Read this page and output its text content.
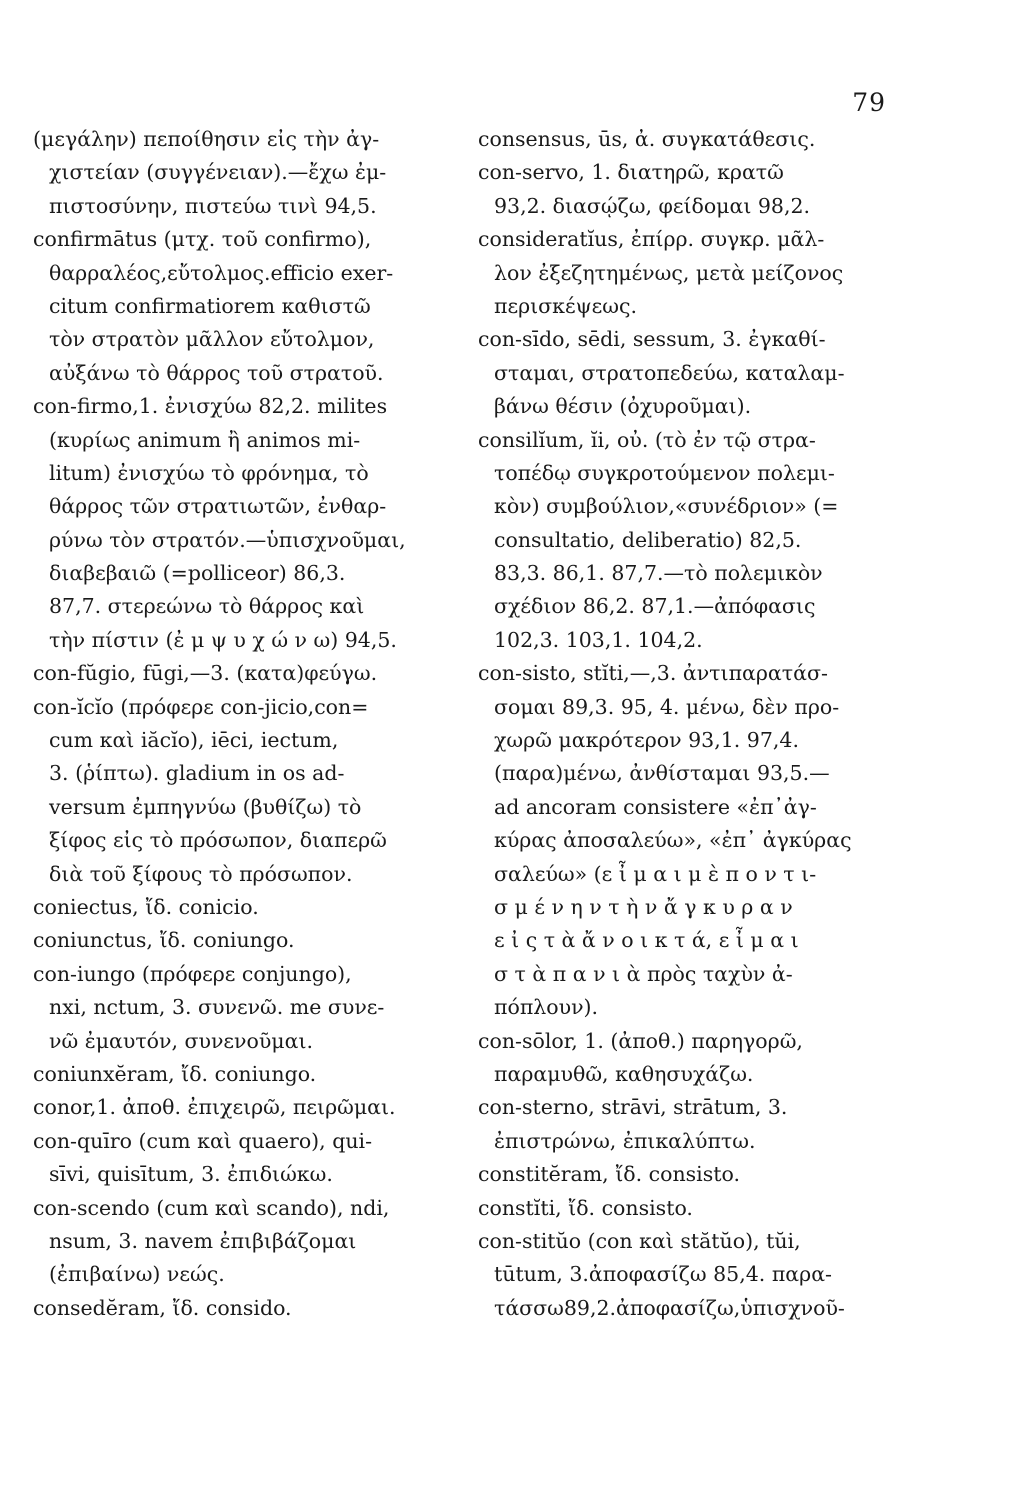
79
(μεγάλην) πεποίθησιν εἰς τὴν ἀγ-
χιστείαν (συγγένειαν).—ἔχω ἐμ-
πιστοσύνην, πιστεύω τινὶ 94,5.
confirmātus (μτχ. τοῦ confirmo),
θαρραλέος,εὔτολμος.efficio exer-
citum confirmatiorem καθιστῶ
τὸν στρατὸν μᾶλλον εὔτολμον,
αὐξάνω τὸ θάρρος τοῦ στρατοῦ.
con-firmo,1. ἐνισχύω 82,2. milites
(κυρίως animum ἢ animos mi-
litum) ἐνισχύω τὸ φρόνημα, τὸ
θάρρος τῶν στρατιωτῶν, ἐνθαρ-
ρύνω τὸν στρατόν.—ὑπισχνοῦμαι,
διαβεβαιῶ (=polliceor) 86,3.
87,7. στερεώνω τὸ θάρρος καὶ
τὴν πίστιν (ἐ μ ψ υ χ ώ ν ω) 94,5.
con-fŭgio, fūgi,—3. (κατα)φεύγω.
con-ĭcĭo (πρόφερε con-jicio,con=
cum καὶ iăcĭo), iēci, iectum,
3. (ῥίπτω). gladium in os ad-
versum ἐμπηγνύω (βυθίζω) τὸ
ξίφος εἰς τὸ πρόσωπον, διαπερῶ
διὰ τοῦ ξίφους τὸ πρόσωπον.
coniectus, ἴδ. conicio.
coniunctus, ἴδ. coniungo.
con-iungo (πρόφερε conjungo),
nxi, nctum, 3. συνενῶ. me συνε-
νῶ ἐμαυτόν, συνενοῦμαι.
coniunxĕram, ἴδ. coniungo.
conor,1. ἀποθ. ἐπιχειρῶ, πειρῶμαι.
con-quīro (cum καὶ quaero), qui-
sīvi, quisītum, 3. ἐπιδιώκω.
con-scendo (cum καὶ scando), ndi,
nsum, 3. navem ἐπιβιβάζομαι
(ἐπιβαίνω) νεώς.
consedĕram, ἴδ. consido.
consensus, ūs, ἀ. συγκατάθεσις.
con-servo, 1. διατηρῶ, κρατῶ
93,2. διασῴζω, φείδομαι 98,2.
consideratĭus, ἐπίρρ. συγκρ. μᾶλ-
λον ἐξεζητημένως, μετὰ μείζονος
περισκέψεως.
con-sīdo, sēdi, sessum, 3. ἐγκαθί-
σταμαι, στρατοπεδεύω, καταλαμ-
βάνω θέσιν (ὀχυροῦμαι).
consilĭum, ĭi, οὐ. (τὸ ἐν τῷ στρα-
τοπέδῳ συγκροτούμενον πολεμι-
κὸν) συμβούλιον,«συνέδριον» (=
consultatio, deliberatio) 82,5.
83,3. 86,1. 87,7.—τὸ πολεμικὸν
σχέδιον 86,2. 87,1.—ἀπόφασις
102,3. 103,1. 104,2.
con-sisto, stĭti,—,3. ἀντιπαρατάσ-
σομαι 89,3. 95, 4. μένω, δὲν προ-
χωρῶ μακρότερον 93,1. 97,4.
(παρα)μένω, ἀνθίσταμαι 93,5.—
ad ancoram consistere «ἐπ᾽ἀγ-
κύρας ἀποσαλεύω», «ἐπ᾽ ἀγκύρας
σαλεύω» (ε ἶ μ α ι μ ὲ π ο ν τ ι-
σ μ έ ν η ν τ ὴ ν ἄ γ κ υ ρ α ν
ε ἰ ς τ ὰ ἄ ν ο ι κ τ ά, ε ἶ μ α ι
σ τ ὰ π α ν ι ὰ πρὸς ταχὺν ἀ-
πόπλουν).
con-sōlor, 1. (ἀποθ.) παρηγορῶ,
παραμυθῶ, καθησυχάζω.
con-sterno, strāvi, strātum, 3.
ἐπιστρώνω, ἐπικαλύπτω.
constitĕram, ἴδ. consisto.
constĭti, ἴδ. consisto.
con-stitŭo (con καὶ stătŭo), tŭi,
tūtum, 3.ἀποφασίζω 85,4. παρα-
τάσσω89,2.ἀποφασίζω,ὑπισχνοῦ-
